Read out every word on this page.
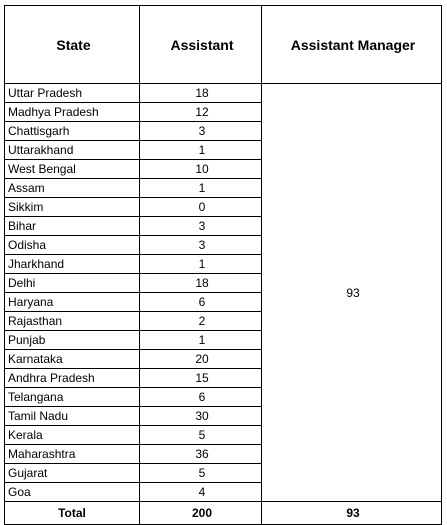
State	Assistant	Assistant Manager
Uttar Pradesh	18	93
Madhya Pradesh	12	
Chattisgarh	3	
Uttarakhand	1	
West Bengal	10	
Assam	1	
Sikkim	0	
Bihar	3	
Odisha	3	
Jharkhand	1	
Delhi	18	
Haryana	6	
Rajasthan	2	
Punjab	1	
Karnataka	20	
Andhra Pradesh	15	
Telangana	6	
Tamil Nadu	30	
Kerala	5	
Maharashtra	36	
Gujarat	5	
Goa	4	
Total	200	93
